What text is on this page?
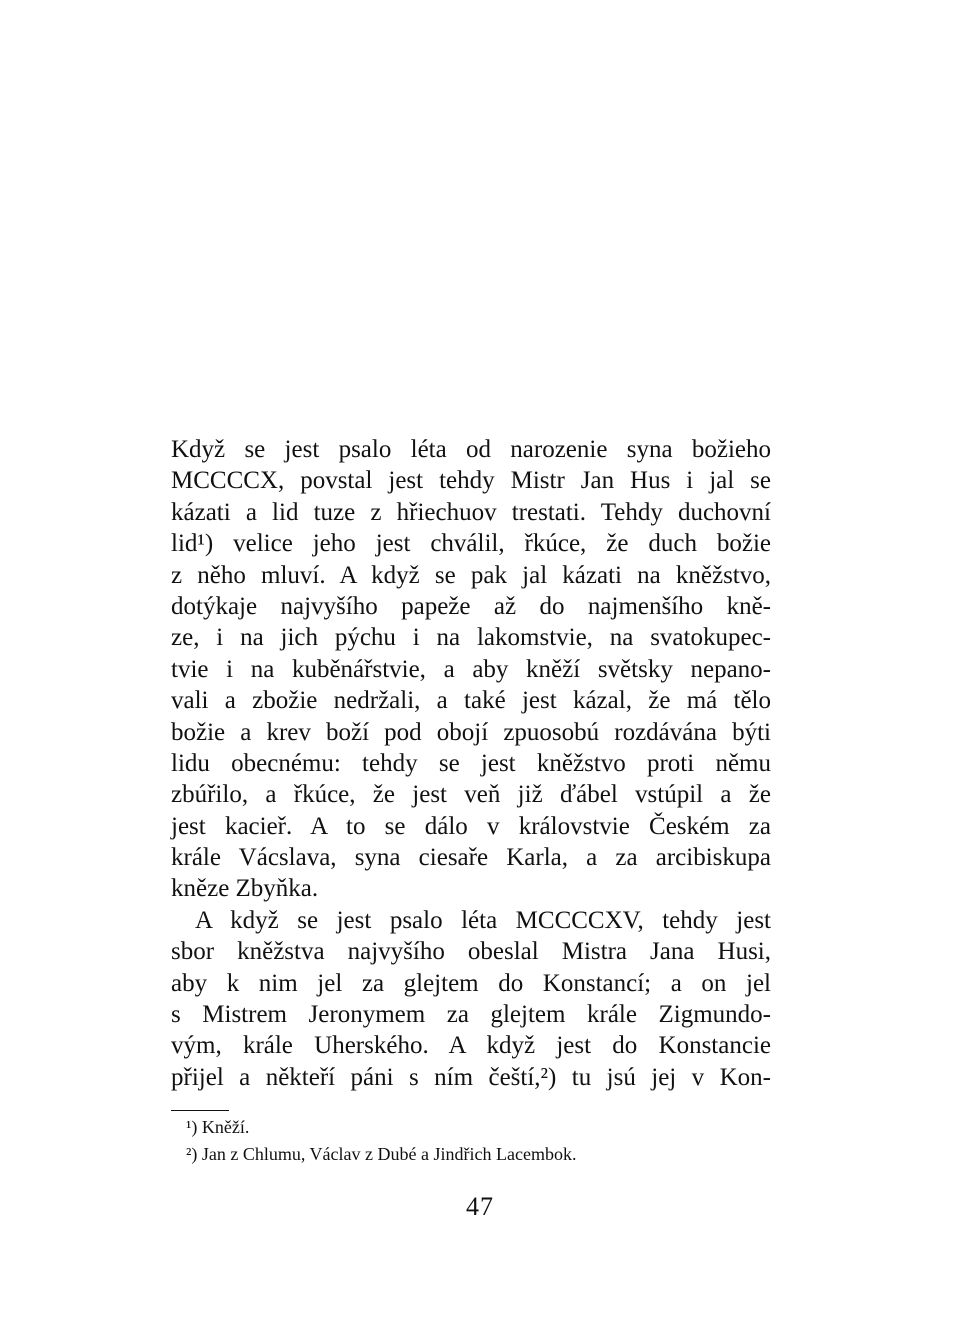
Když se jest psalo léta od narozenie syna božieho
MCCCCX, povstal jest tehdy Mistr Jan Hus i jal se
kázati a lid tuze z hřiechuov trestati. Tehdy duchovní
lid¹) velice jeho jest chválil, řkúce, že duch božie
z něho mluví. A když se pak jal kázati na kněžstvo,
dotýkaje najvyšího papeže až do najmenšího kně-
ze, i na jich pýchu i na lakomstvie, na svatokupec-
tvie i na kuběnářstvie, a aby kněží světsky nepano-
vali a zbožie nedržali, a také jest kázal, že má tělo
božie a krev boží pod obojí zpuosobú rozdávána býti
lidu obecnému: tehdy se jest kněžstvo proti němu
zbúřilo, a řkúce, že jest veň již ďábel vstúpil a že
jest kacieř. A to se dálo v královstvie Českém za
krále Vácslava, syna ciesaře Karla, a za arcibiskupa
kněze Zbyňka.
A když se jest psalo léta MCCCCXV, tehdy jest
sbor kněžstva najvyšího obeslal Mistra Jana Husi,
aby k nim jel za glejtem do Konstancí; a on jel
s Mistrem Jeronymem za glejtem krále Zigmundo-
vým, krále Uherského. A když jest do Konstancie
přijel a někteří páni s ním čeští,²) tu jsú jej v Kon-
¹) Kněží.
²) Jan z Chlumu, Václav z Dubé a Jindřich Lacembok.
47
